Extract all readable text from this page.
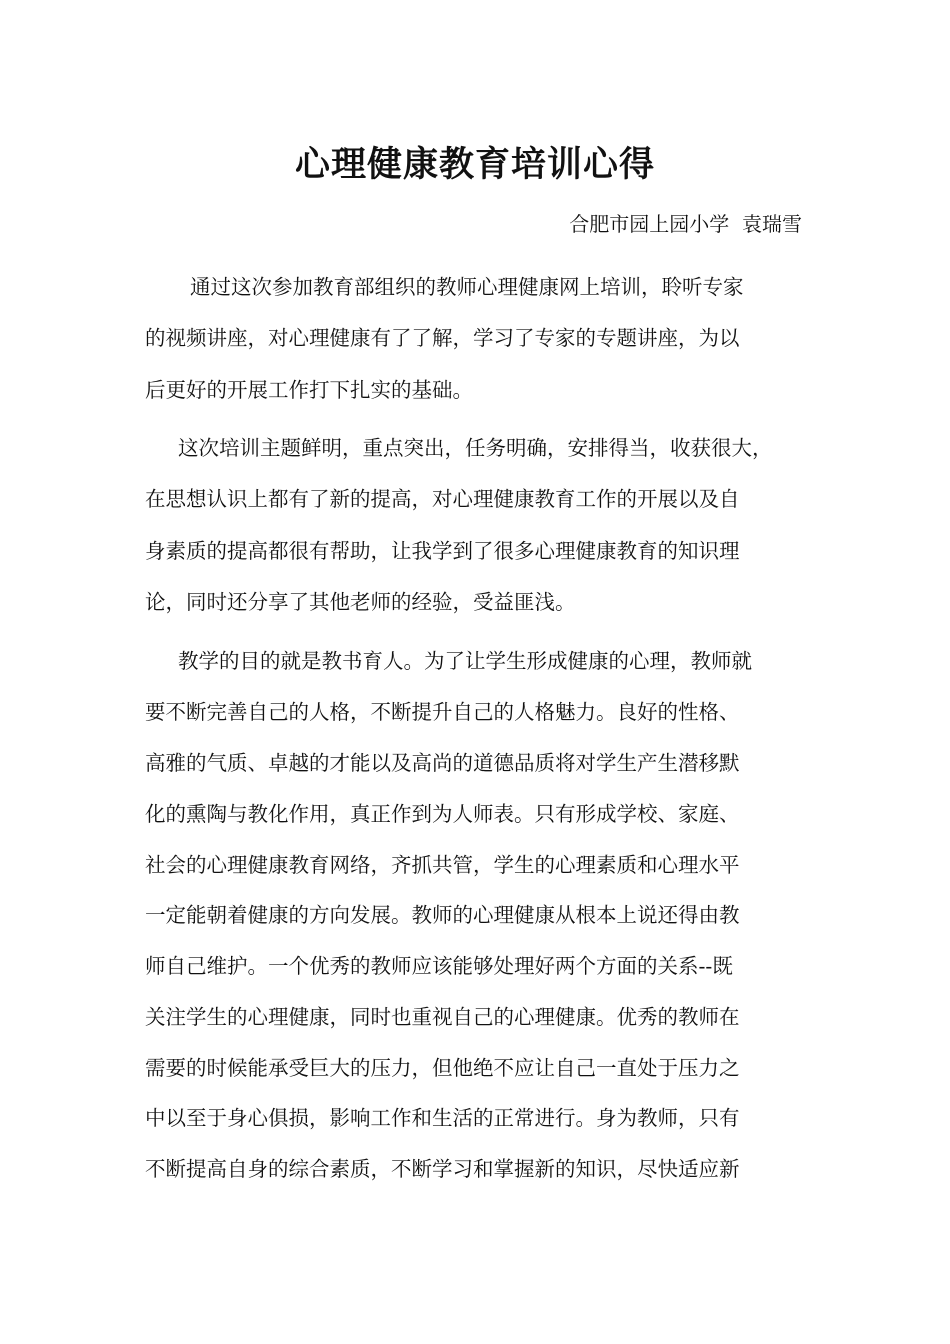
心理健康教育培训心得

合肥市园上园小学  袁瑞雪

通过这次参加教育部组织的教师心理健康网上培训，聆听专家

的视频讲座，对心理健康有了了解，学习了专家的专题讲座，为以

后更好的开展工作打下扎实的基础。

这次培训主题鲜明，重点突出，任务明确，安排得当，收获很大，

在思想认识上都有了新的提高，对心理健康教育工作的开展以及自

身素质的提高都很有帮助，让我学到了很多心理健康教育的知识理

论，同时还分享了其他老师的经验，受益匪浅。

教学的目的就是教书育人。为了让学生形成健康的心理，教师就

要不断完善自己的人格，不断提升自己的人格魅力。良好的性格、

高雅的气质、卓越的才能以及高尚的道德品质将对学生产生潜移默

化的熏陶与教化作用，真正作到为人师表。只有形成学校、家庭、

社会的心理健康教育网络，齐抓共管，学生的心理素质和心理水平

一定能朝着健康的方向发展。教师的心理健康从根本上说还得由教

师自己维护。一个优秀的教师应该能够处理好两个方面的关系--既

关注学生的心理健康，同时也重视自己的心理健康。优秀的教师在

需要的时候能承受巨大的压力，但他绝不应让自己一直处于压力之

中以至于身心俱损，影响工作和生活的正常进行。身为教师，只有

不断提高自身的综合素质，不断学习和掌握新的知识，尽快适应新
